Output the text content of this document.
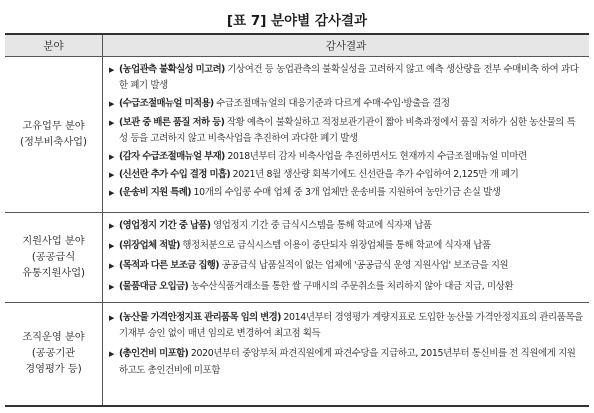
[표 7] 분야별 감사결과
분야	감사결과
고유업무 분야
(정부비축사업)
▶ (농업관측 불확실성 미고려) 기상여건 등 농업관측의 불확실성을 고려하지 않고 예측 생산량을 전부 수매비축 하여 과다한 폐기 발생
▶ (수급조절매뉴얼 미적용) 수급조절매뉴얼의 대응기준과 다르게 수매·수입·방출을 결정
▶ (보관 중 배른 품질 저하 등) 작황 예측이 불확실하고 적정보관기관이 짧아 비축과정에서 품질 저하가 심한 농산물의 특성 등을 고려하지 않고 비축사업을 추진하여 과다한 폐기 발생
▶ (감자 수급조절매뉴얼 부재) 2018년부터 감자 비축사업을 추진하면서도 현재까지 수급조절매뉴얼 미마련
▶ (신선란 추가 수입 결정 미흡) 2021년 8월 생산량 회복기에도 신선란을 추가 수입하여 2,125만 개 폐기
▶ (운송비 지원 특례) 10개의 수입콩 수매 업체 중 3개 업체만 운송비를 지원하여 농안기금 손실 발생
지원사업 분야
(공공급식
유통지원사업)
▶ (영업정지 기간 중 납품) 영업정지 기간 중 급식시스템을 통해 학교에 식자재 납품
▶ (위장업체 적발) 행정처분으로 급식시스템 이용이 중단되자 위장업체를 통해 학교에 식자재 납품
▶ (목적과 다른 보조금 집행) 공공급식 납품실적이 없는 업체에 '공공급식 운영 지원사업' 보조금을 지원
▶ (물품대금 오입금) 농수산식품거래소를 통한 쌀 구매시의 주문취소를 처리하지 않아 대금 지급, 미상환
조직운영 분야
(공공기관
경영평가 등)
▶ (농산물 가격안정지표 관리품목 임의 변경) 2014년부터 경영평가 계량지표로 도입한 농산물 가격안정지표의 관리품목을 기재부 승인 없이 매년 임의로 변경하여 최고점 획득
▶ (총인건비 미포함) 2020년부터 중앙부처 파견직원에게 파견수당을 지급하고, 2015년부터 통신비를 전 직원에게 지원하고도 총인건비에 미포함
